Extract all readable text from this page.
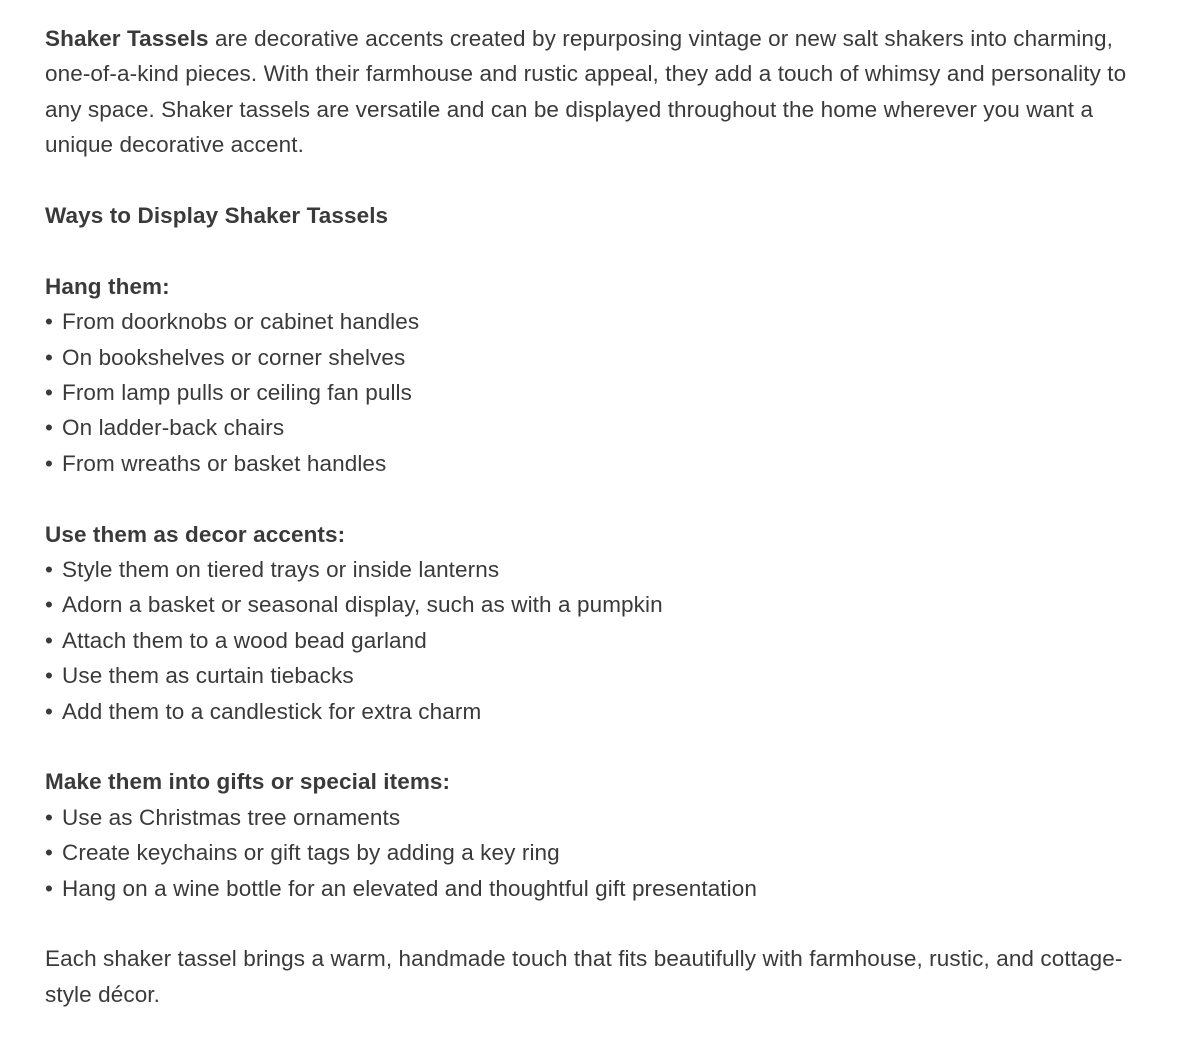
Shaker Tassels are decorative accents created by repurposing vintage or new salt shakers into charming, one-of-a-kind pieces. With their farmhouse and rustic appeal, they add a touch of whimsy and personality to any space. Shaker tassels are versatile and can be displayed throughout the home wherever you want a unique decorative accent.

Ways to Display Shaker Tassels

Hang them:

• From doorknobs or cabinet handles
• On bookshelves or corner shelves
• From lamp pulls or ceiling fan pulls
• On ladder-back chairs
• From wreaths or basket handles

Use them as decor accents:

• Style them on tiered trays or inside lanterns
• Adorn a basket or seasonal display, such as with a pumpkin
• Attach them to a wood bead garland
• Use them as curtain tiebacks
• Add them to a candlestick for extra charm

Make them into gifts or special items:

• Use as Christmas tree ornaments
• Create keychains or gift tags by adding a key ring
• Hang on a wine bottle for an elevated and thoughtful gift presentation

Each shaker tassel brings a warm, handmade touch that fits beautifully with farmhouse, rustic, and cottage-style décor.
